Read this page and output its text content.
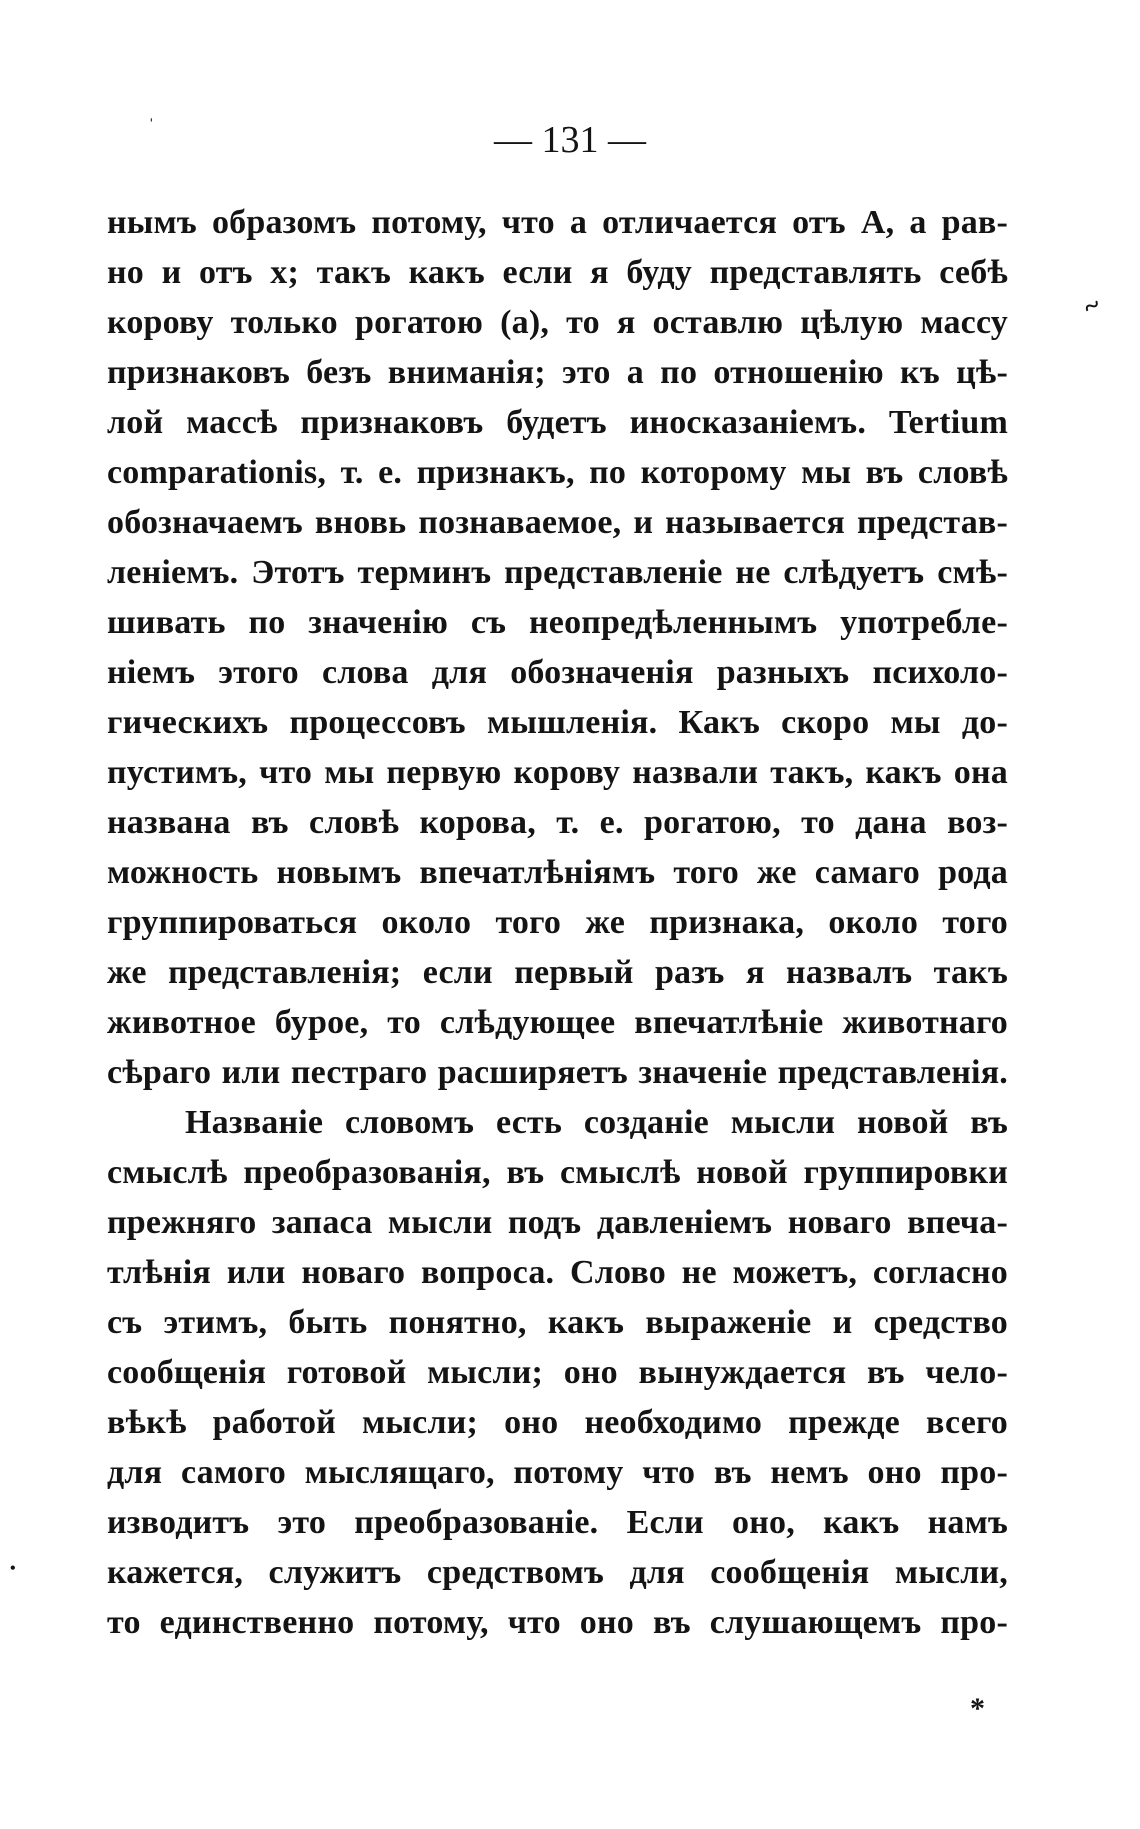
ˌ
~
•
*
— 131 —
нымъ образомъ потому, что а отличается отъ A, а рав-
но и отъ x; такъ какъ если я буду представлять себѣ
корову только рогатою (а), то я оставлю цѣлую массу
признаковъ безъ вниманія; это а по отношенію къ цѣ-
лой массѣ признаковъ будетъ иносказаніемъ. Tertium
comparationis, т. е. признакъ, по которому мы въ словѣ
обозначаемъ вновь познаваемое, и называется представ-
леніемъ. Этотъ терминъ представленіе не слѣдуетъ смѣ-
шивать по значенію съ неопредѣленнымъ употребле-
ніемъ этого слова для обозначенія разныхъ психоло-
гическихъ процессовъ мышленія. Какъ скоро мы до-
пустимъ, что мы первую корову назвали такъ, какъ она
названа въ словѣ корова, т. е. рогатою, то дана воз-
можность новымъ впечатлѣніямъ того же самаго рода
группироваться около того же признака, около того
же представленія; если первый разъ я назвалъ такъ
животное бурое, то слѣдующее впечатлѣніе животнаго
сѣраго или пестраго расширяетъ значеніе представленія.
Названіе словомъ есть созданіе мысли новой въ
смыслѣ преобразованія, въ смыслѣ новой группировки
прежняго запаса мысли подъ давленіемъ новаго впеча-
тлѣнія или новаго вопроса. Слово не можетъ, согласно
съ этимъ, быть понятно, какъ выраженіе и средство
сообщенія готовой мысли; оно вынуждается въ чело-
вѣкѣ работой мысли; оно необходимо прежде всего
для самого мыслящаго, потому что въ немъ оно про-
изводитъ это преобразованіе. Если оно, какъ намъ
кажется, служитъ средствомъ для сообщенія мысли,
то единственно потому, что оно въ слушающемъ про-
